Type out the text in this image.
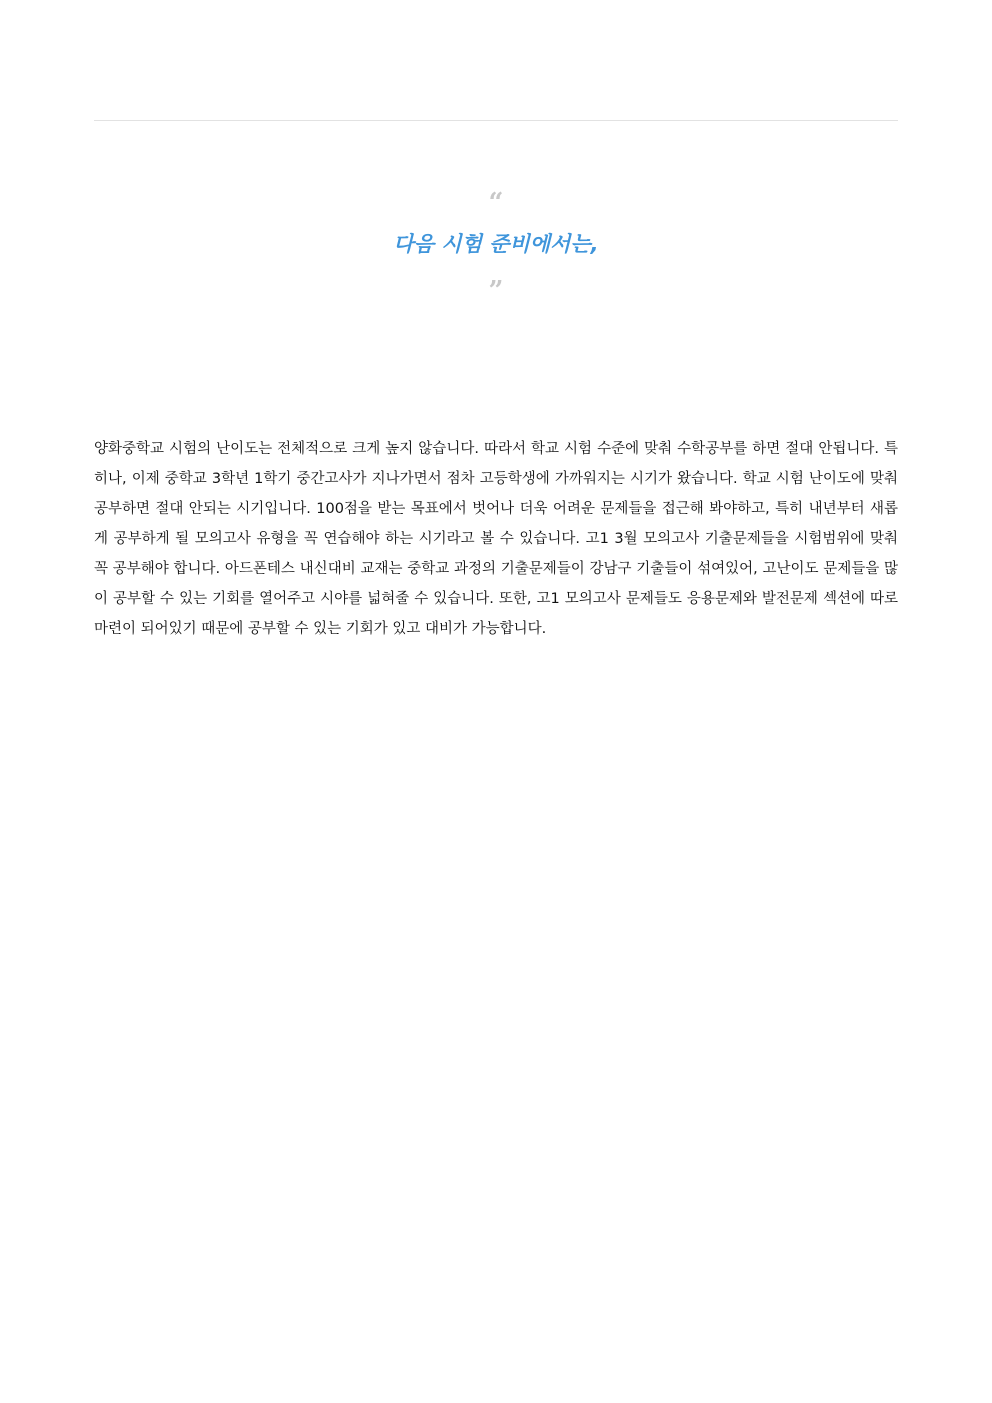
“
다음 시험 준비에서는,
”

양화중학교 시험의 난이도는 전체적으로 크게 높지 않습니다. 따라서 학교 시험 수준에 맞춰 수학공부를 하면 절대 안됩니다. 특히나, 이제 중학교 3학년 1학기 중간고사가 지나가면서 점차 고등학생에 가까워지는 시기가 왔습니다. 학교 시험 난이도에 맞춰 공부하면 절대 안되는 시기입니다. 100점을 받는 목표에서 벗어나 더욱 어려운 문제들을 접근해 봐야하고, 특히 내년부터 새롭게 공부하게 될 모의고사 유형을 꼭 연습해야 하는 시기라고 볼 수 있습니다. 고1 3월 모의고사 기출문제들을 시험범위에 맞춰 꼭 공부해야 합니다. 아드폰테스 내신대비 교재는 중학교 과정의 기출문제들이 강남구 기출들이 섞여있어, 고난이도 문제들을 많이 공부할 수 있는 기회를 열어주고 시야를 넓혀줄 수 있습니다. 또한, 고1 모의고사 문제들도 응용문제와 발전문제 섹션에 따로 마련이 되어있기 때문에 공부할 수 있는 기회가 있고 대비가 가능합니다.
